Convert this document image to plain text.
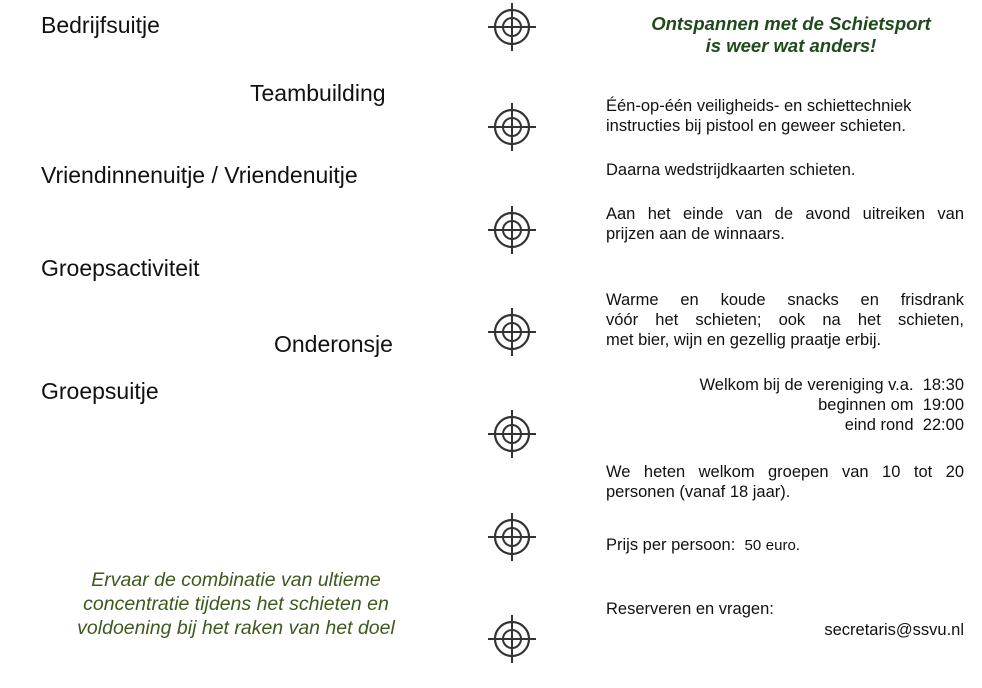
Bedrijfsuitje
Teambuilding
Vriendinnenuitje / Vriendenuitje
Groepsactiviteit
Onderonsje
Groepsuitje
Ervaar de combinatie van ultieme
concentratie tijdens het schieten en
voldoening bij het raken van het doel
Ontspannen met de Schietsport
is weer wat anders!
Één-op-één veiligheids- en schiettechniek
instructies bij pistool en geweer schieten.
Daarna wedstrijdkaarten schieten.
Aan het einde van de avond uitreiken van
prijzen aan de winnaars.
Warme en koude snacks en frisdrank
vóór het schieten; ook na het schieten,
met bier, wijn en gezellig praatje erbij.
Welkom bij de vereniging v.a. 18:30
beginnen om 19:00
eind rond 22:00
We heten welkom groepen van 10 tot 20
personen (vanaf 18 jaar).
Prijs per persoon: 50 euro.
Reserveren en vragen:
secretaris@ssvu.nl
